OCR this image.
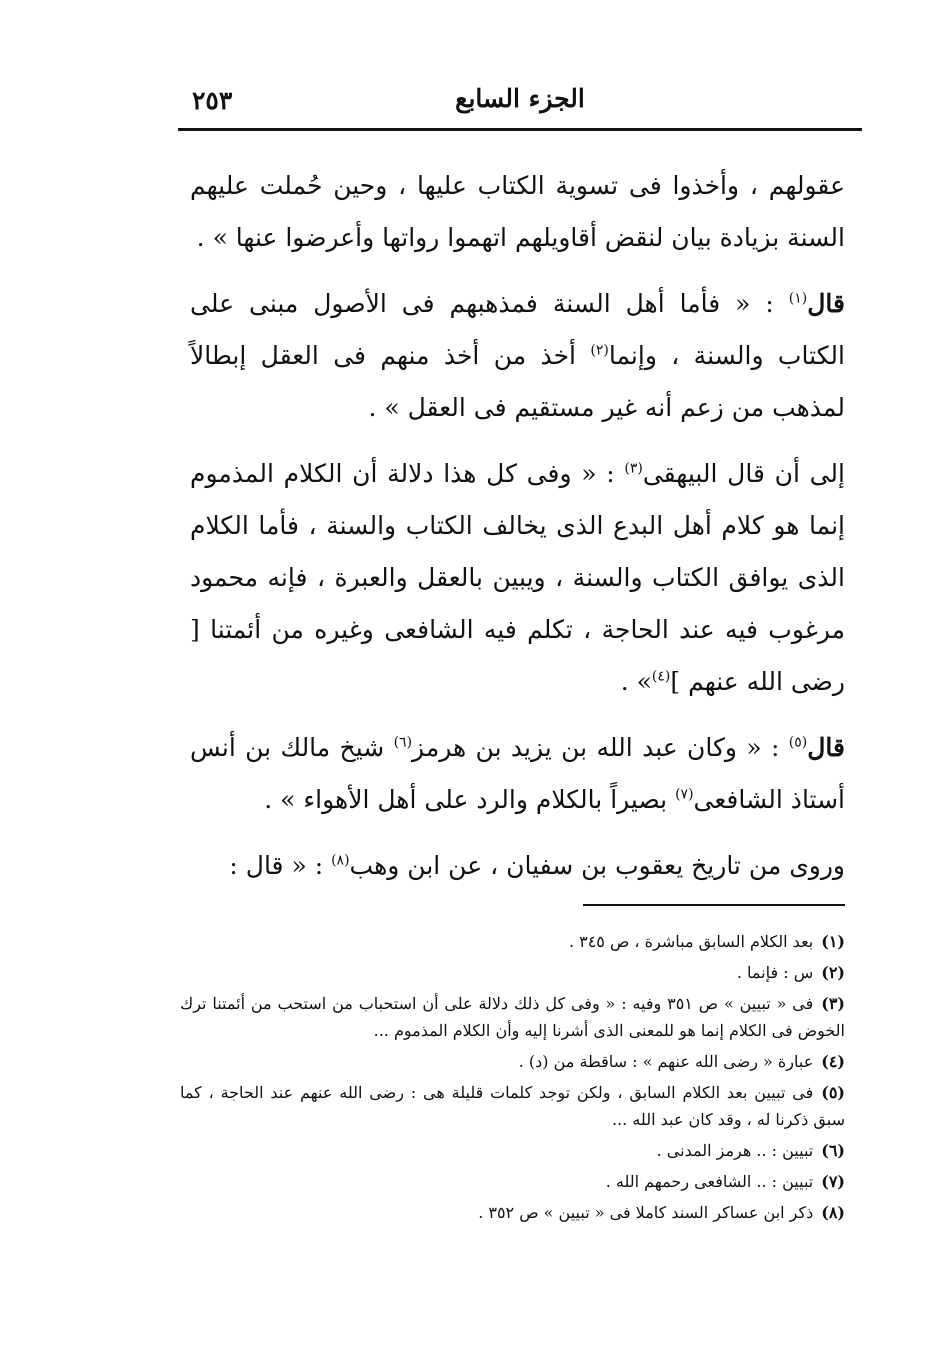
٢٥٣	الجزء السابع

عقولهم ، وأخذوا فى تسوية الكتاب عليها ، وحين حُملت عليهم السنة بزيادة بيان لنقض أقاويلهم اتهموا رواتها وأعرضوا عنها » .

قال$^{(١)}$ : « فأما أهل السنة فمذهبهم فى الأصول مبنى على الكتاب والسنة ، وإنما$^{(٢)}$ أخذ من أخذ منهم فى العقل إبطالاً لمذهب من زعم أنه غير مستقيم فى العقل » .

إلى أن قال البيهقى$^{(٣)}$ : « وفى كل هذا دلالة أن الكلام المذموم إنما هو كلام أهل البدع الذى يخالف الكتاب والسنة ، فأما الكلام الذى يوافق الكتاب والسنة ، ويبين بالعقل والعبرة ، فإنه محمود مرغوب فيه عند الحاجة ، تكلم فيه الشافعى وغيره من أئمتنا [ رضى الله عنهم ]$^{(٤)}$» .

قال$^{(٥)}$ : « وكان عبد الله بن يزيد بن هرمز$^{(٦)}$ شيخ مالك بن أنس أستاذ الشافعى$^{(٧)}$ بصيراً بالكلام والرد على أهل الأهواء » .

وروى من تاريخ يعقوب بن سفيان ، عن ابن وهب$^{(٨)}$ : « قال :

(١)بعد الكلام السابق مباشرة ، ص ٣٤٥ .

(٢)س : فإنما .

(٣)فى « تبيين » ص ٣٥١ وفيه : « وفى كل ذلك دلالة على أن استحباب من استحب من أئمتنا ترك الخوض فى الكلام إنما هو للمعنى الذى أشرنا إليه وأن الكلام المذموم ...

(٤)عبارة « رضى الله عنهم » : ساقطة من (د) .

(٥)فى تبيين بعد الكلام السابق ، ولكن توجد كلمات قليلة هى : رضى الله عنهم عند الحاجة ، كما سبق ذكرنا له ، وقد كان عبد الله ...

(٦)تبيين : .. هرمز المدنى .

(٧)تبيين : .. الشافعى رحمهم الله .

(٨)ذكر ابن عساكر السند كاملا فى « تبيين » ص ٣٥٢ .
